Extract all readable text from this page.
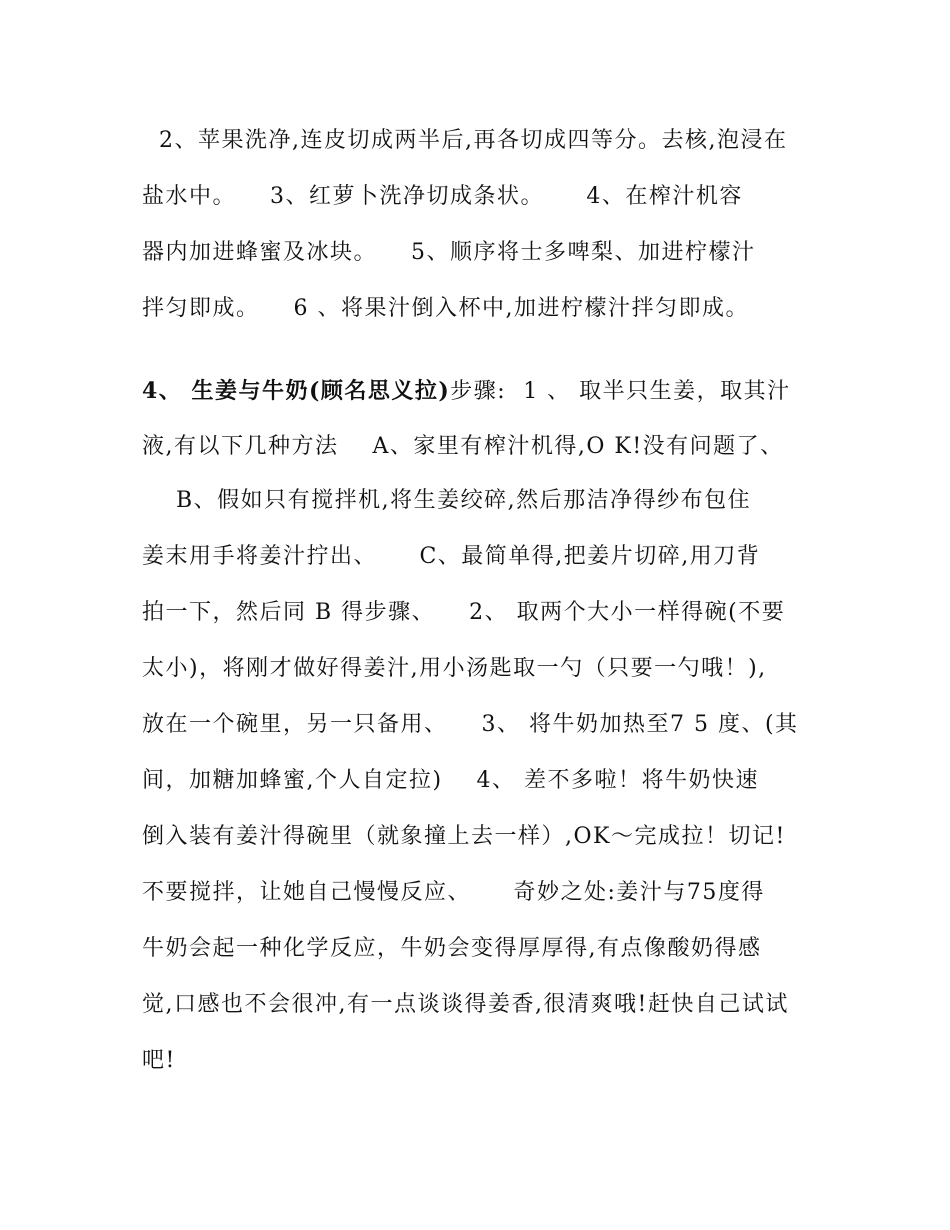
2、苹果洗净,连皮切成两半后,再各切成四等分。去核,泡浸在
盐水中。    3、红萝卜洗净切成条状。     4、在榨汁机容
器内加进蜂蜜及冰块。    5、顺序将士多啤梨、加进柠檬汁
拌匀即成。    6 、将果汁倒入杯中,加进柠檬汁拌匀即成。
4、 生姜与牛奶(顾名思义拉)步骤:  1 、 取半只生姜，取其汁
液,有以下几种方法    A、家里有榨汁机得,O K!没有问题了、
B、假如只有搅拌机,将生姜绞碎,然后那洁净得纱布包住
姜末用手将姜汁拧出、     C、最简单得,把姜片切碎,用刀背
拍一下，然后同 B 得步骤、    2、 取两个大小一样得碗(不要
太小)，将刚才做好得姜汁,用小汤匙取一勺（只要一勺哦！),
放在一个碗里，另一只备用、    3、 将牛奶加热至7 5 度、(其
间，加糖加蜂蜜,个人自定拉)    4、 差不多啦！将牛奶快速
倒入装有姜汁得碗里（就象撞上去一样）,OK～完成拉！切记!
不要搅拌，让她自己慢慢反应、     奇妙之处:姜汁与75度得
牛奶会起一种化学反应，牛奶会变得厚厚得,有点像酸奶得感
觉,口感也不会很冲,有一点谈谈得姜香,很清爽哦!赶快自己试试
吧!
